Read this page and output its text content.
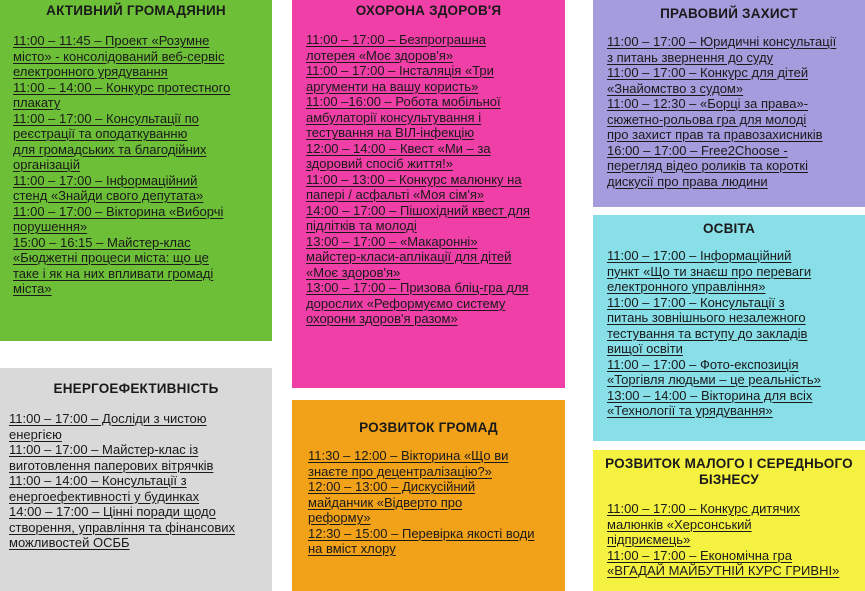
АКТИВНИЙ ГРОМАДЯНИН
11:00 – 11:45 – Проект «Розумне
місто» - консолідований веб-сервіс
електронного урядування
11:00 – 14:00 – Конкурс протестного
плакату
11:00 – 17:00 – Консультації по
реєстрації та оподаткуванню
для громадських та благодійних
організацій
11:00 – 17:00 – Інформаційний
стенд «Знайди свого депутата»
11:00 – 17:00 – Вікторина «Виборчі
порушення»
15:00 – 16:15 – Майстер-клас
«Бюджетні процеси міста: що це
таке і як на них впливати громаді
міста»
ОХОРОНА ЗДОРОВ'Я
11:00 – 17:00 – Безпрограшна
лотерея «Моє здоров'я»
11:00 – 17:00 – Інсталяція «Три
аргументи на вашу користь»
11:00 –16:00 – Робота мобільної
амбулаторії консультування і
тестування на ВІЛ-інфекцію
12:00 – 14:00 – Квест «Ми – за
здоровий спосіб життя!»
11:00 – 13:00 – Конкурс малюнку на
папері / асфальті «Моя сім'я»
14:00 – 17:00 – Пішохідний квест для
підлітків та молоді
13:00 – 17:00 – «Макаронні»
майстер-класи-аплікації для дітей
«Моє здоров'я»
13:00 – 17:00 – Призова бліц-гра для
дорослих «Реформуємо систему
охорони здоров'я разом»
ПРАВОВИЙ ЗАХИСТ
11:00 – 17:00 – Юридичні консультації
з питань звернення до суду
11:00 – 17:00 – Конкурс для дітей
«Знайомство з судом»
11:00 – 12:30 – «Борці за права»-
сюжетно-рольова гра для молоді
про захист прав та правозахисників
16:00 – 17:00 – Free2Choose -
перегляд відео роликів та короткі
дискусії про права людини
ОСВІТА
11:00 – 17:00 – Інформаційний
пункт «Що ти знаєш про переваги
електронного управління»
11:00 – 17:00 – Консультації з
питань зовнішнього незалежного
тестування та вступу до закладів
вищої освіти
11:00 – 17:00 – Фото-експозиція
«Торгівля людьми – це реальність»
13:00 – 14:00 – Вікторина для всіх
«Технології та урядування»
ЕНЕРГОЕФЕКТИВНІСТЬ
11:00 – 17:00 – Досліди з чистою
енергією
11:00 – 17:00 – Майстер-клас із
виготовлення паперових вітрячків
11:00 – 14:00 – Консультації з
енергоефективності у будинках
14:00 – 17:00 – Цінні поради щодо
створення, управління та фінансових
можливостей ОСББ
РОЗВИТОК ГРОМАД
11:30 – 12:00 – Вікторина «Що ви
знаєте про децентралізацію?»
12:00 – 13:00 – Дискусійний
майданчик «Відверто про
реформу»
12:30 – 15:00 – Перевірка якості води
на вміст хлору
РОЗВИТОК МАЛОГО І СЕРЕДНЬОГО БІЗНЕСУ
11:00 – 17:00 – Конкурс дитячих
малюнків «Херсонський
підприємець»
11:00 – 17:00 – Економічна гра
«ВГАДАЙ МАЙБУТНІЙ КУРС ГРИВНІ»
